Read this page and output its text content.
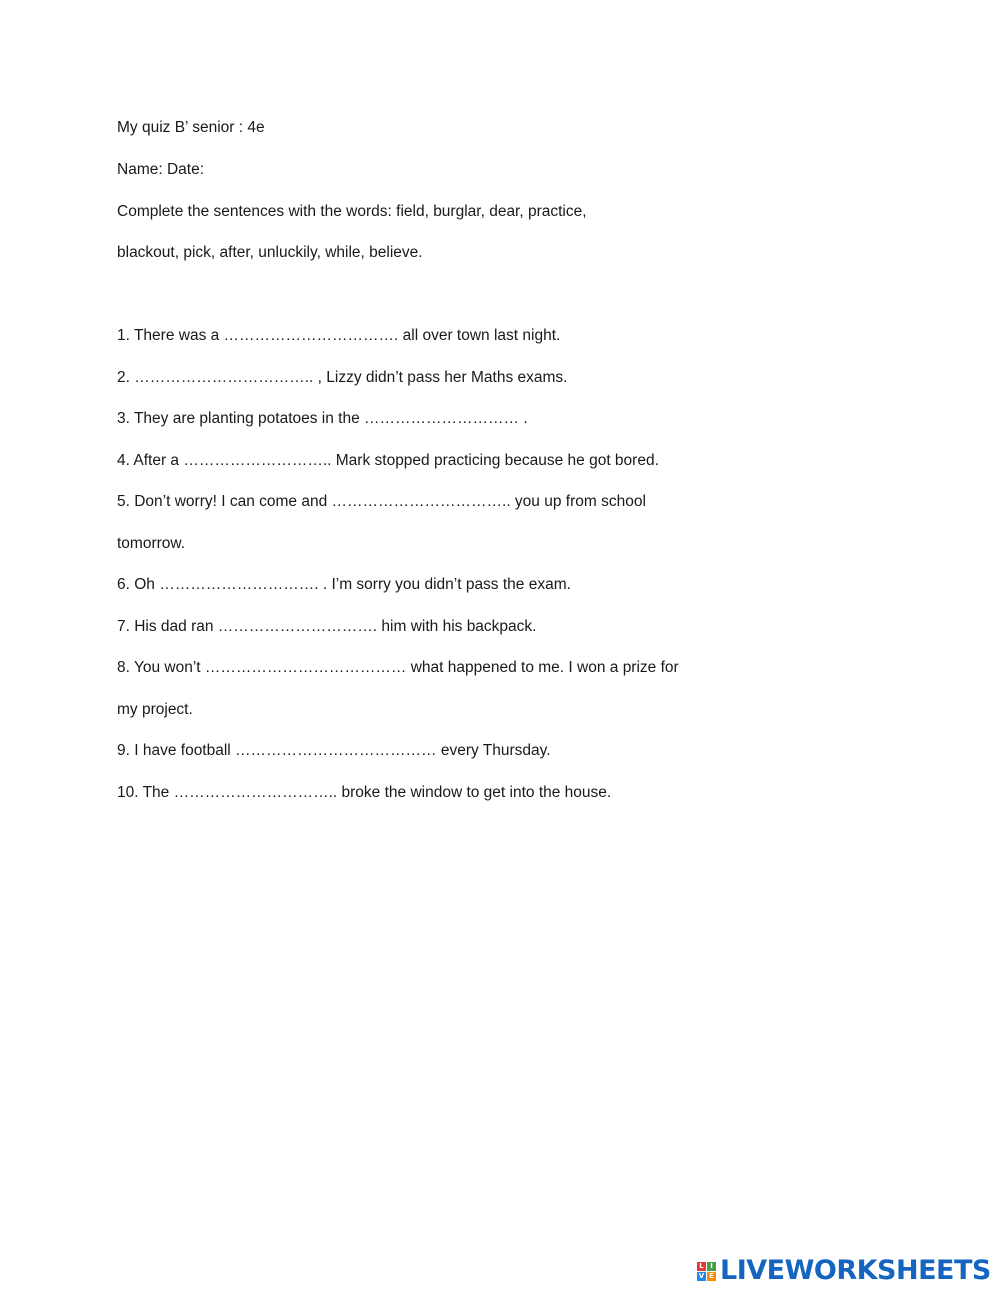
My quiz B’ senior : 4e
Name: Date:
Complete the sentences with the words: field, burglar, dear, practice,
blackout, pick, after, unluckily, while, believe.
1. There was a ……………………………. all over town last night.
2. …………………………….. , Lizzy didn’t pass her Maths exams.
3. They are planting potatoes in the ………………………… .
4. After a ……………………….. Mark stopped practicing because he got bored.
5. Don’t worry! I can come and …………………………….. you up from school
tomorrow.
6. Oh …………………………. . I’m sorry you didn’t pass the exam.
7. His dad ran …………………………. him with his backpack.
8. You won’t ………………………………… what happened to me. I won a prize for
my project.
9. I have football ………………………………… every Thursday.
10. The ………………………….. broke the window to get into the house.
L I
V E LIVEWORKSHEETS
